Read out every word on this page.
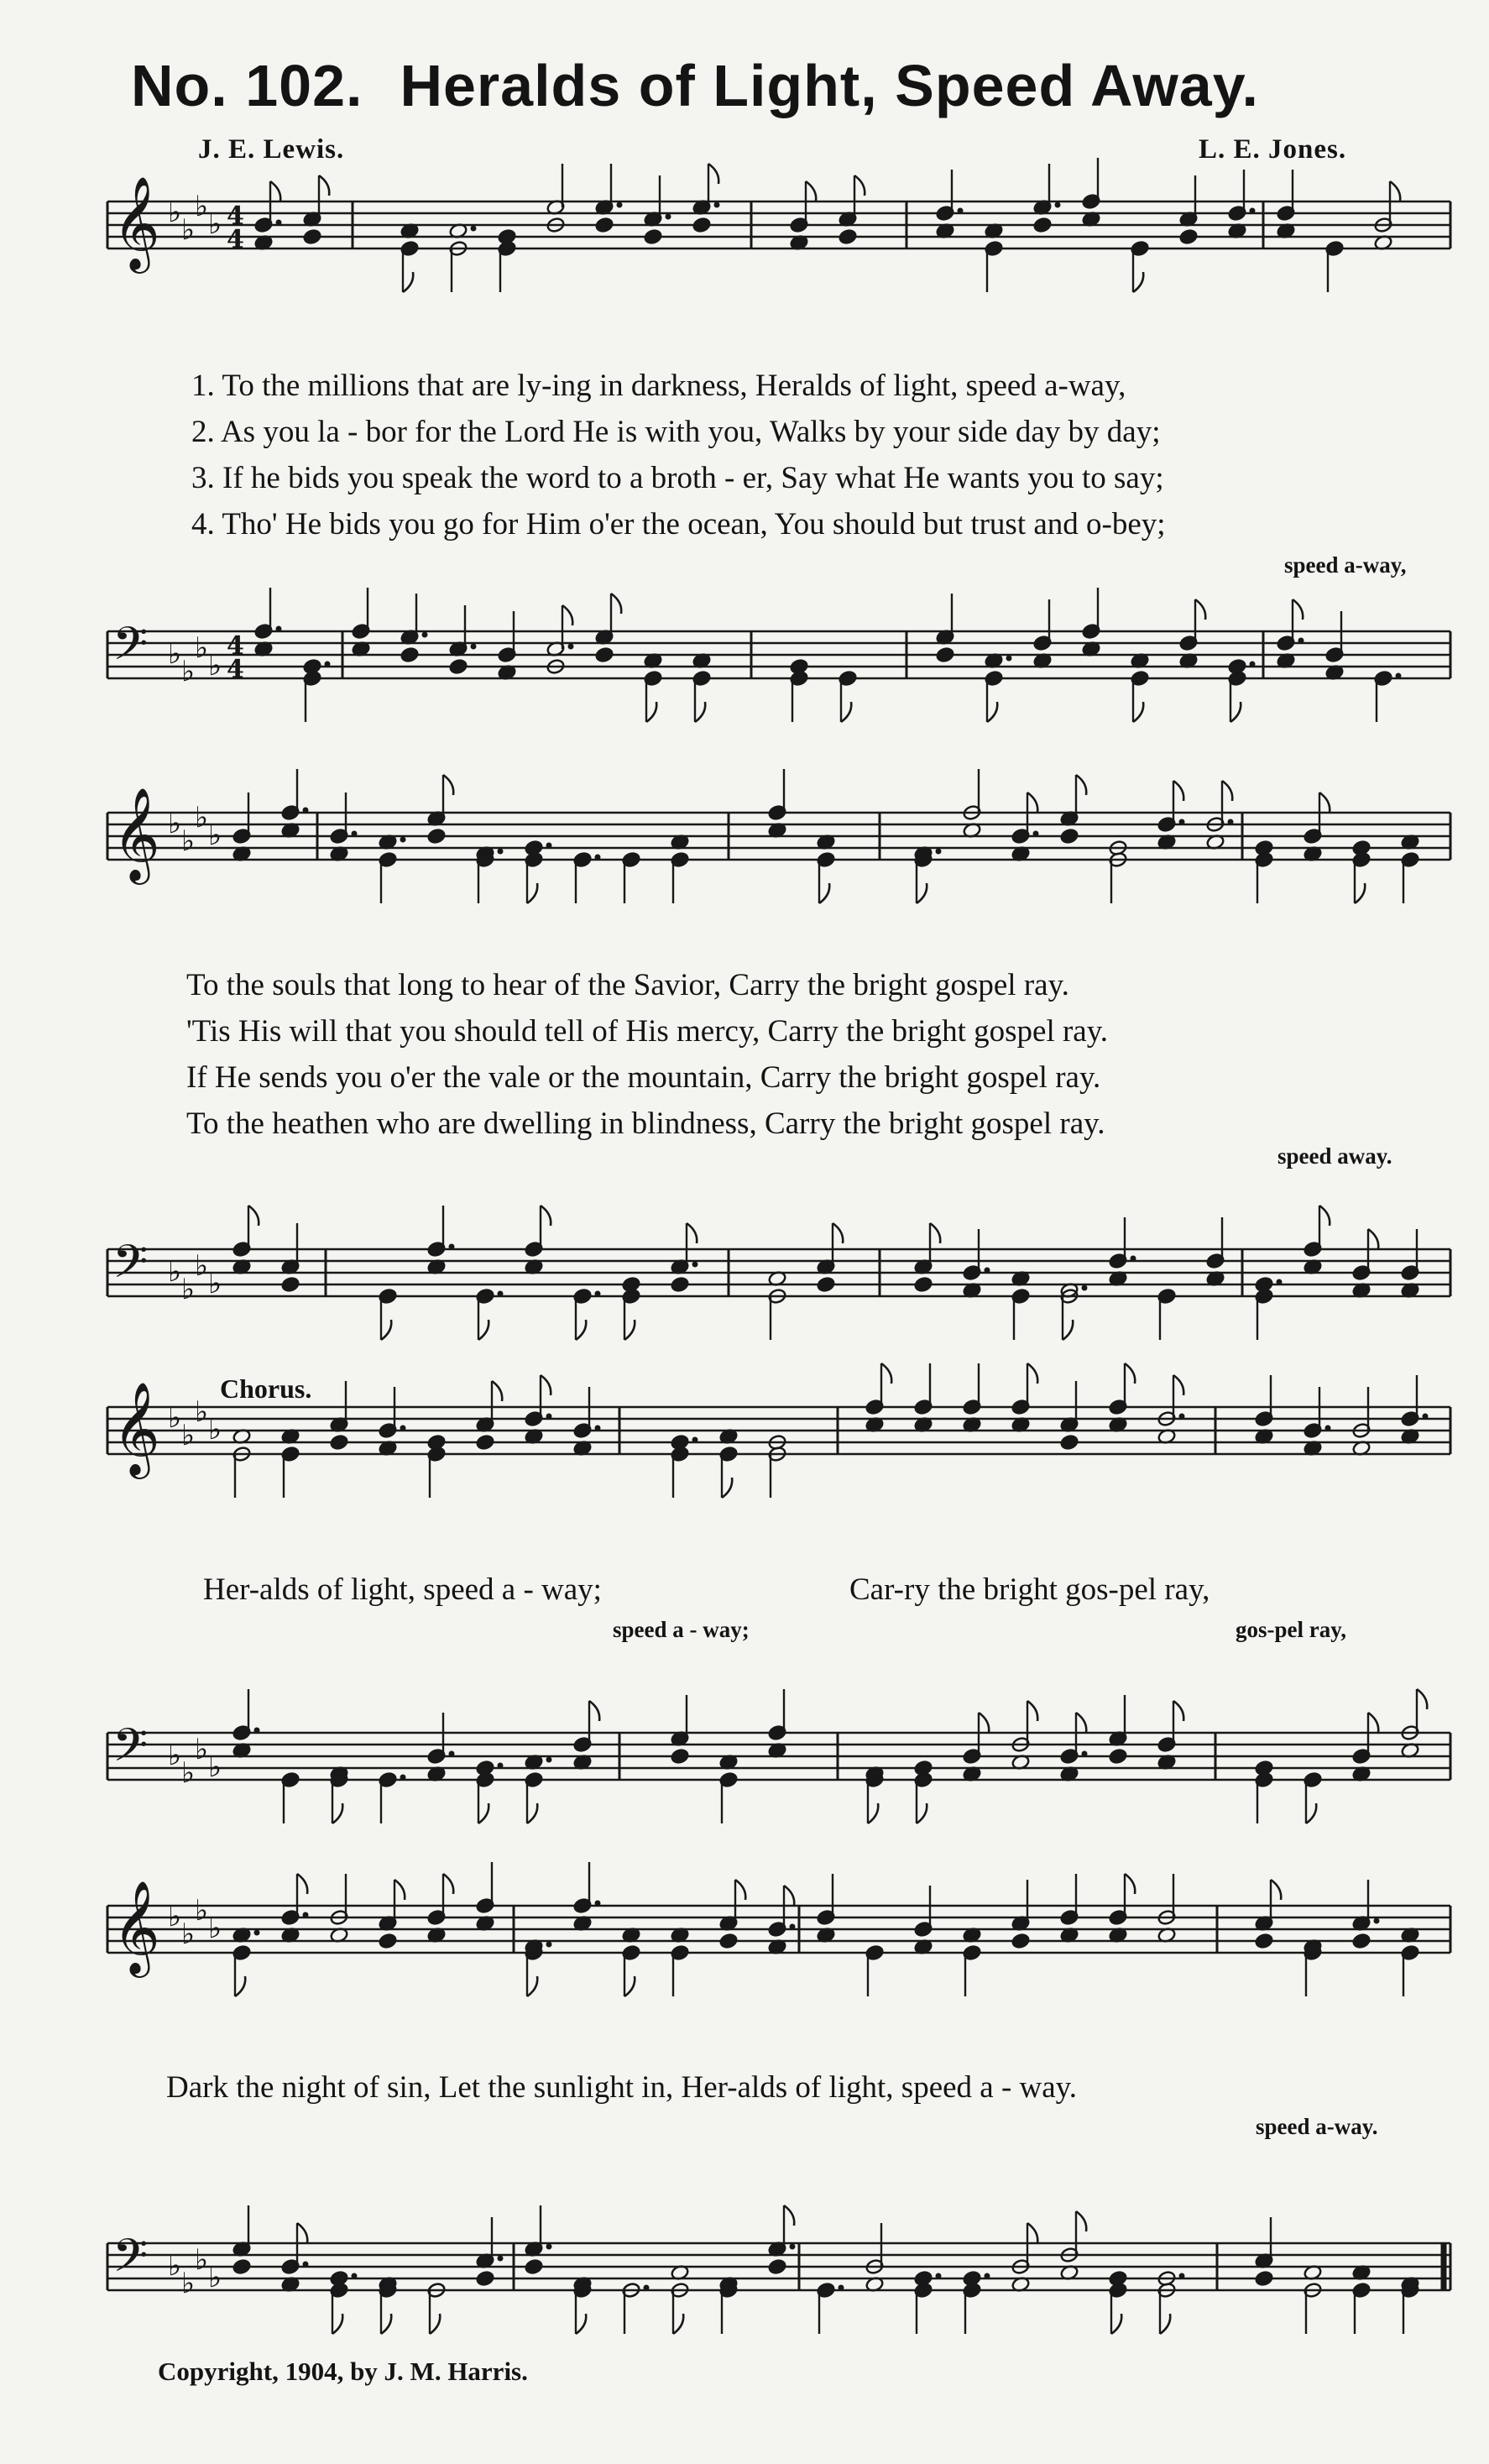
No. 102. Heralds of Light, Speed Away.
J. E. Lewis.	L. E. Jones.
𝄞 ♭
♭
♭
♭ 4
4
𝄢 ♭
♭
♭
♭
4
4
𝄞 ♭
♭
♭
♭
𝄢 ♭
♭
♭
♭
𝄞 ♭
♭
♭
♭
𝄢 ♭
♭
♭
♭
𝄞 ♭
♭
♭
♭
𝄢 ♭
♭
♭
♭
1. To the millions that are ly-ing in darkness, Heralds of light, speed a-way,
2. As you la - bor for the Lord He is with you, Walks by your side day by day;
3. If he bids you speak the word to a broth - er, Say what He wants you to say;
4. Tho' He bids you go for Him o'er the ocean, You should but trust and o-bey;
speed a-way,
To the souls that long to hear of the Savior, Carry the bright gospel ray.
'Tis His will that you should tell of His mercy, Carry the bright gospel ray.
If He sends you o'er the vale or the mountain, Carry the bright gospel ray.
To the heathen who are dwelling in blindness, Carry the bright gospel ray.
speed away.
Chorus.
Her-alds of light, speed a - way;	Car-ry the bright gos-pel ray,
speed a - way;	gos-pel ray,
Dark the night of sin, Let the sunlight in, Her-alds of light, speed a - way.
speed a-way.
Copyright, 1904, by J. M. Harris.
